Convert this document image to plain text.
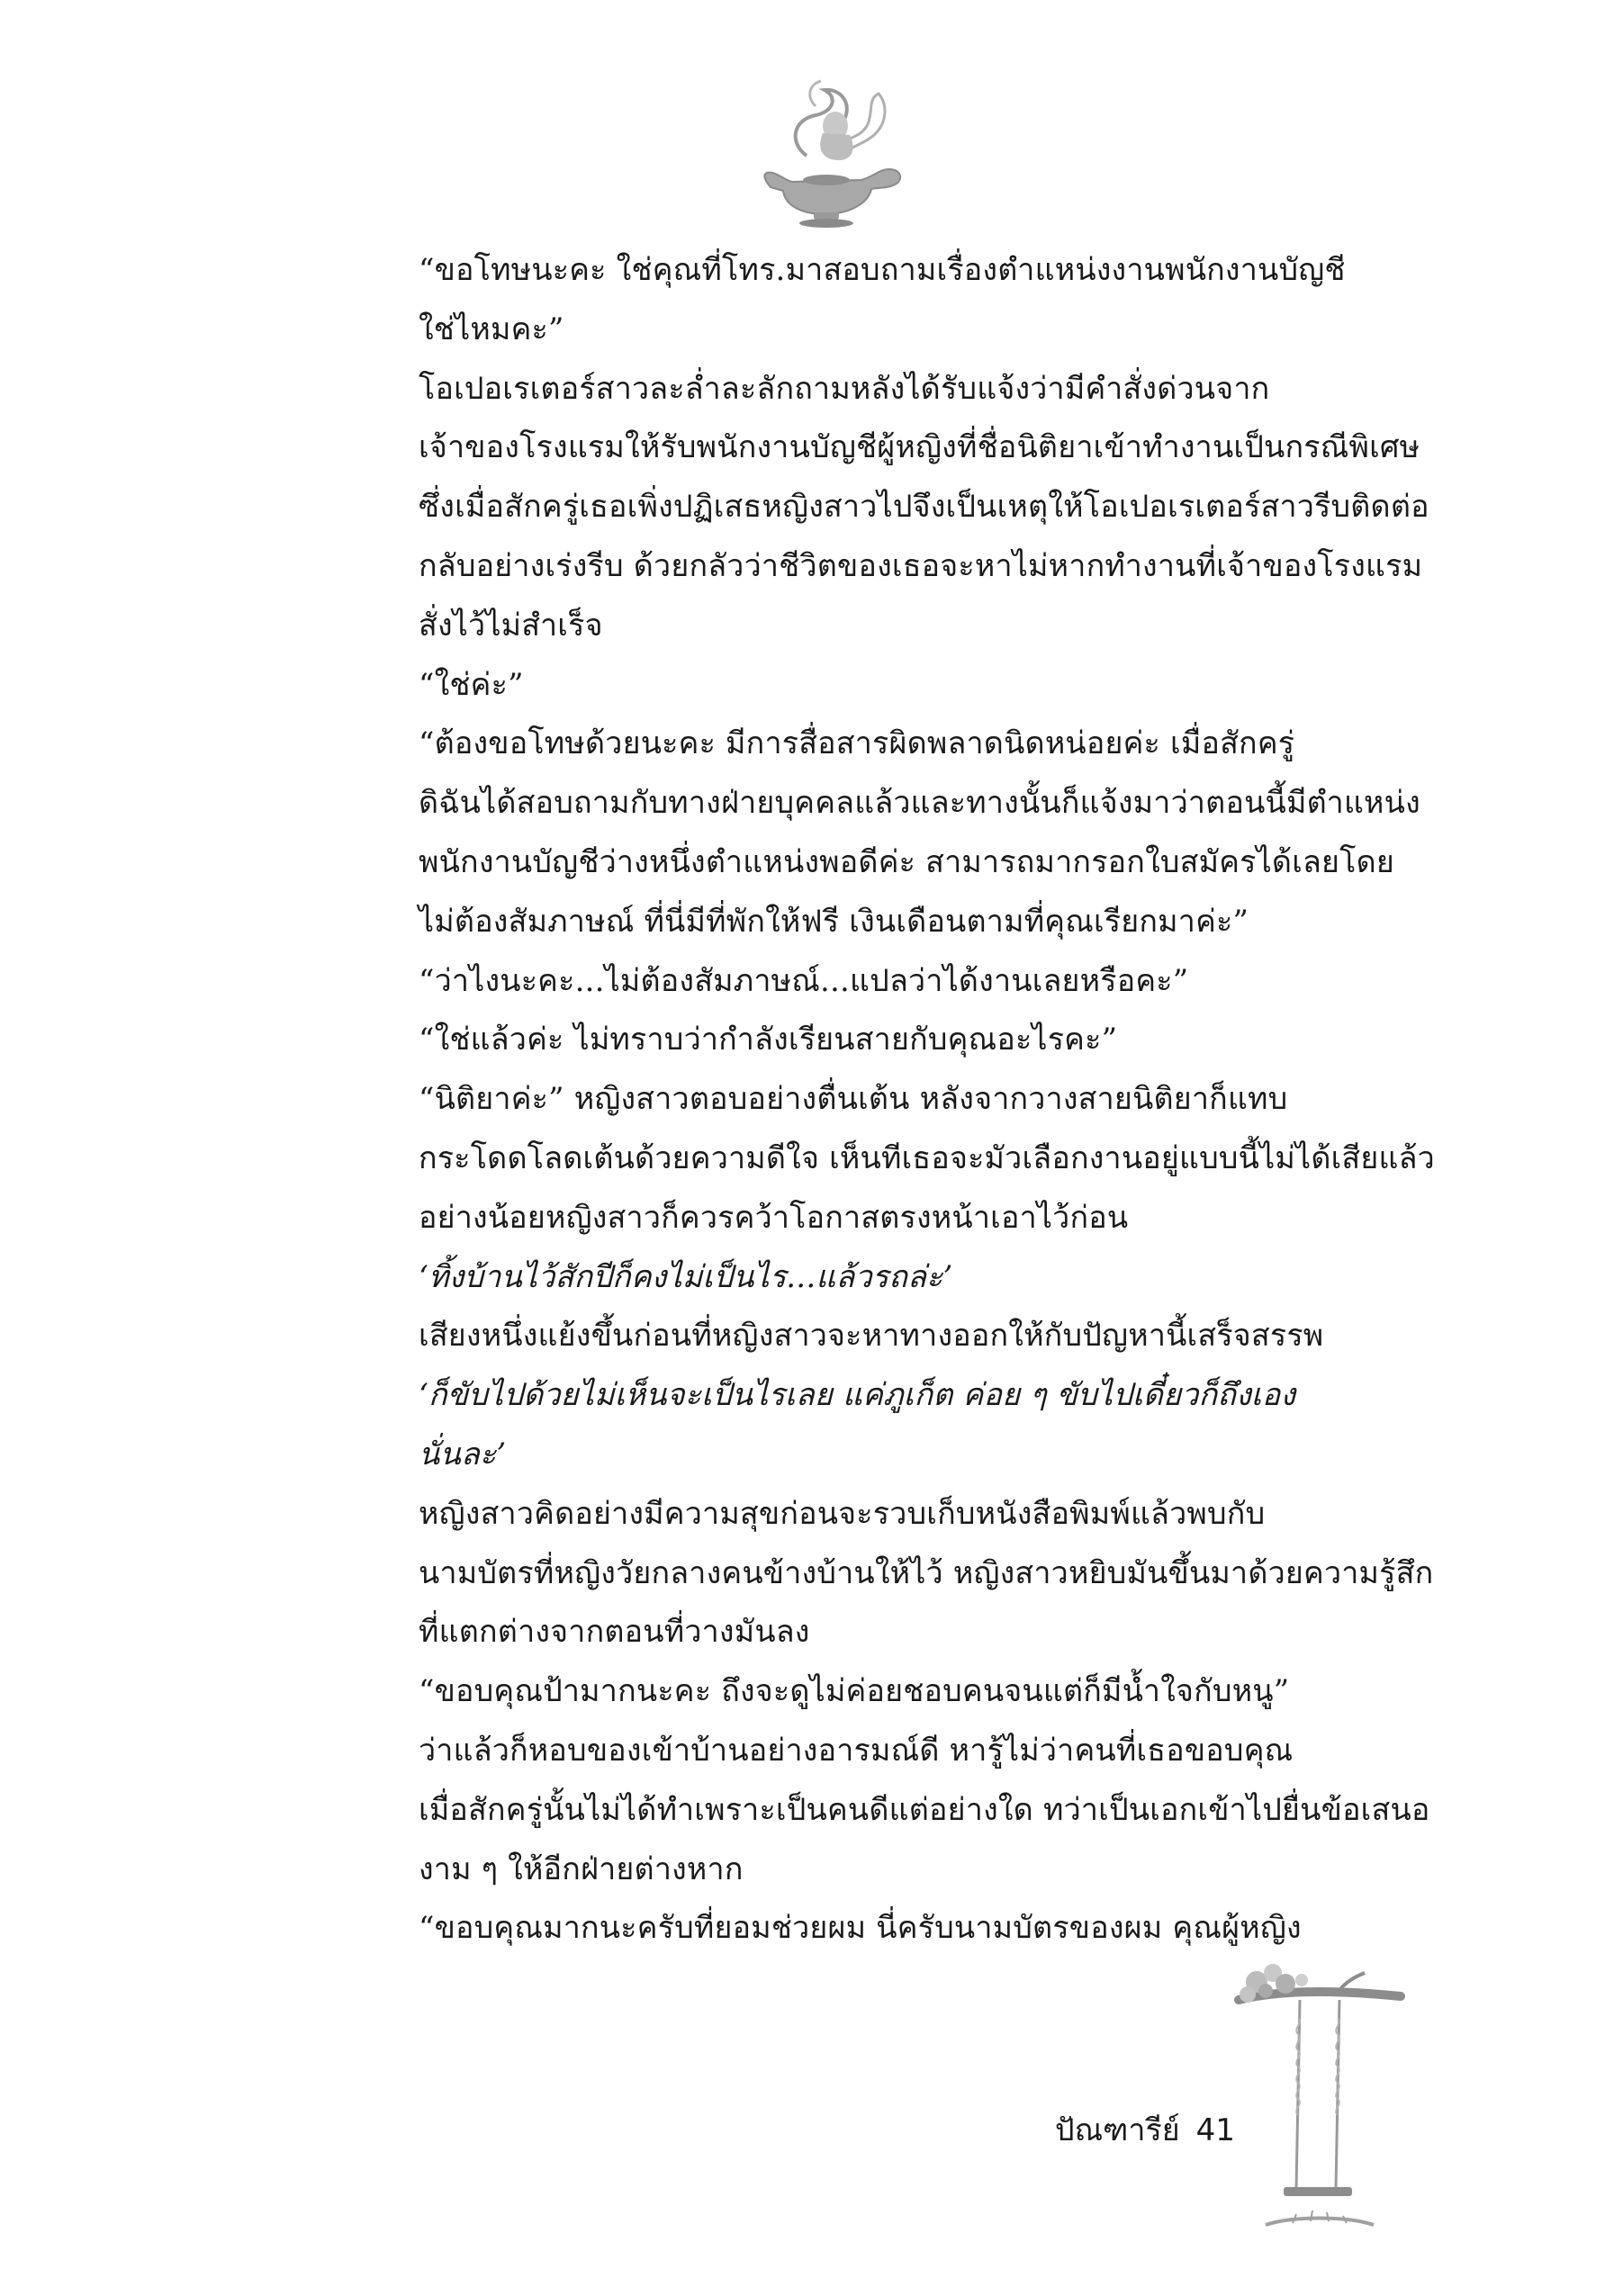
“ขอโทษนะคะ ใช่คุณที่โทร.มาสอบถามเรื่องตำแหน่งงานพนักงานบัญชี
ใช่ไหมคะ”

โอเปอเรเตอร์สาวละล่ำละลักถามหลังได้รับแจ้งว่ามีคำสั่งด่วนจาก
เจ้าของโรงแรมให้รับพนักงานบัญชีผู้หญิงที่ชื่อนิติยาเข้าทำงานเป็นกรณีพิเศษ
ซึ่งเมื่อสักครู่เธอเพิ่งปฏิเสธหญิงสาวไปจึงเป็นเหตุให้โอเปอเรเตอร์สาวรีบติดต่อ
กลับอย่างเร่งรีบ ด้วยกลัวว่าชีวิตของเธอจะหาไม่หากทำงานที่เจ้าของโรงแรม
สั่งไว้ไม่สำเร็จ

“ใช่ค่ะ”

“ต้องขอโทษด้วยนะคะ มีการสื่อสารผิดพลาดนิดหน่อยค่ะ เมื่อสักครู่
ดิฉันได้สอบถามกับทางฝ่ายบุคคลแล้วและทางนั้นก็แจ้งมาว่าตอนนี้มีตำแหน่ง
พนักงานบัญชีว่างหนึ่งตำแหน่งพอดีค่ะ สามารถมากรอกใบสมัครได้เลยโดย
ไม่ต้องสัมภาษณ์ ที่นี่มีที่พักให้ฟรี เงินเดือนตามที่คุณเรียกมาค่ะ”

“ว่าไงนะคะ...ไม่ต้องสัมภาษณ์...แปลว่าได้งานเลยหรือคะ”

“ใช่แล้วค่ะ ไม่ทราบว่ากำลังเรียนสายกับคุณอะไรคะ”

“นิติยาค่ะ” หญิงสาวตอบอย่างตื่นเต้น หลังจากวางสายนิติยาก็แทบ
กระโดดโลดเต้นด้วยความดีใจ เห็นทีเธอจะมัวเลือกงานอยู่แบบนี้ไม่ได้เสียแล้ว
อย่างน้อยหญิงสาวก็ควรคว้าโอกาสตรงหน้าเอาไว้ก่อน

‘ทิ้งบ้านไว้สักปีก็คงไม่เป็นไร...แล้วรถล่ะ’

เสียงหนึ่งแย้งขึ้นก่อนที่หญิงสาวจะหาทางออกให้กับปัญหานี้เสร็จสรรพ

‘ก็ขับไปด้วยไม่เห็นจะเป็นไรเลย แค่ภูเก็ต ค่อย ๆ ขับไปเดี๋ยวก็ถึงเอง
นั่นละ’

หญิงสาวคิดอย่างมีความสุขก่อนจะรวบเก็บหนังสือพิมพ์แล้วพบกับ
นามบัตรที่หญิงวัยกลางคนข้างบ้านให้ไว้ หญิงสาวหยิบมันขึ้นมาด้วยความรู้สึก
ที่แตกต่างจากตอนที่วางมันลง

“ขอบคุณป้ามากนะคะ ถึงจะดูไม่ค่อยชอบคนจนแต่ก็มีน้ำใจกับหนู”

ว่าแล้วก็หอบของเข้าบ้านอย่างอารมณ์ดี หารู้ไม่ว่าคนที่เธอขอบคุณ
เมื่อสักครู่นั้นไม่ได้ทำเพราะเป็นคนดีแต่อย่างใด ทว่าเป็นเอกเข้าไปยื่นข้อเสนอ
งาม ๆ ให้อีกฝ่ายต่างหาก

“ขอบคุณมากนะครับที่ยอมช่วยผม นี่ครับนามบัตรของผม คุณผู้หญิง

ปัณฑารีย์ 41
